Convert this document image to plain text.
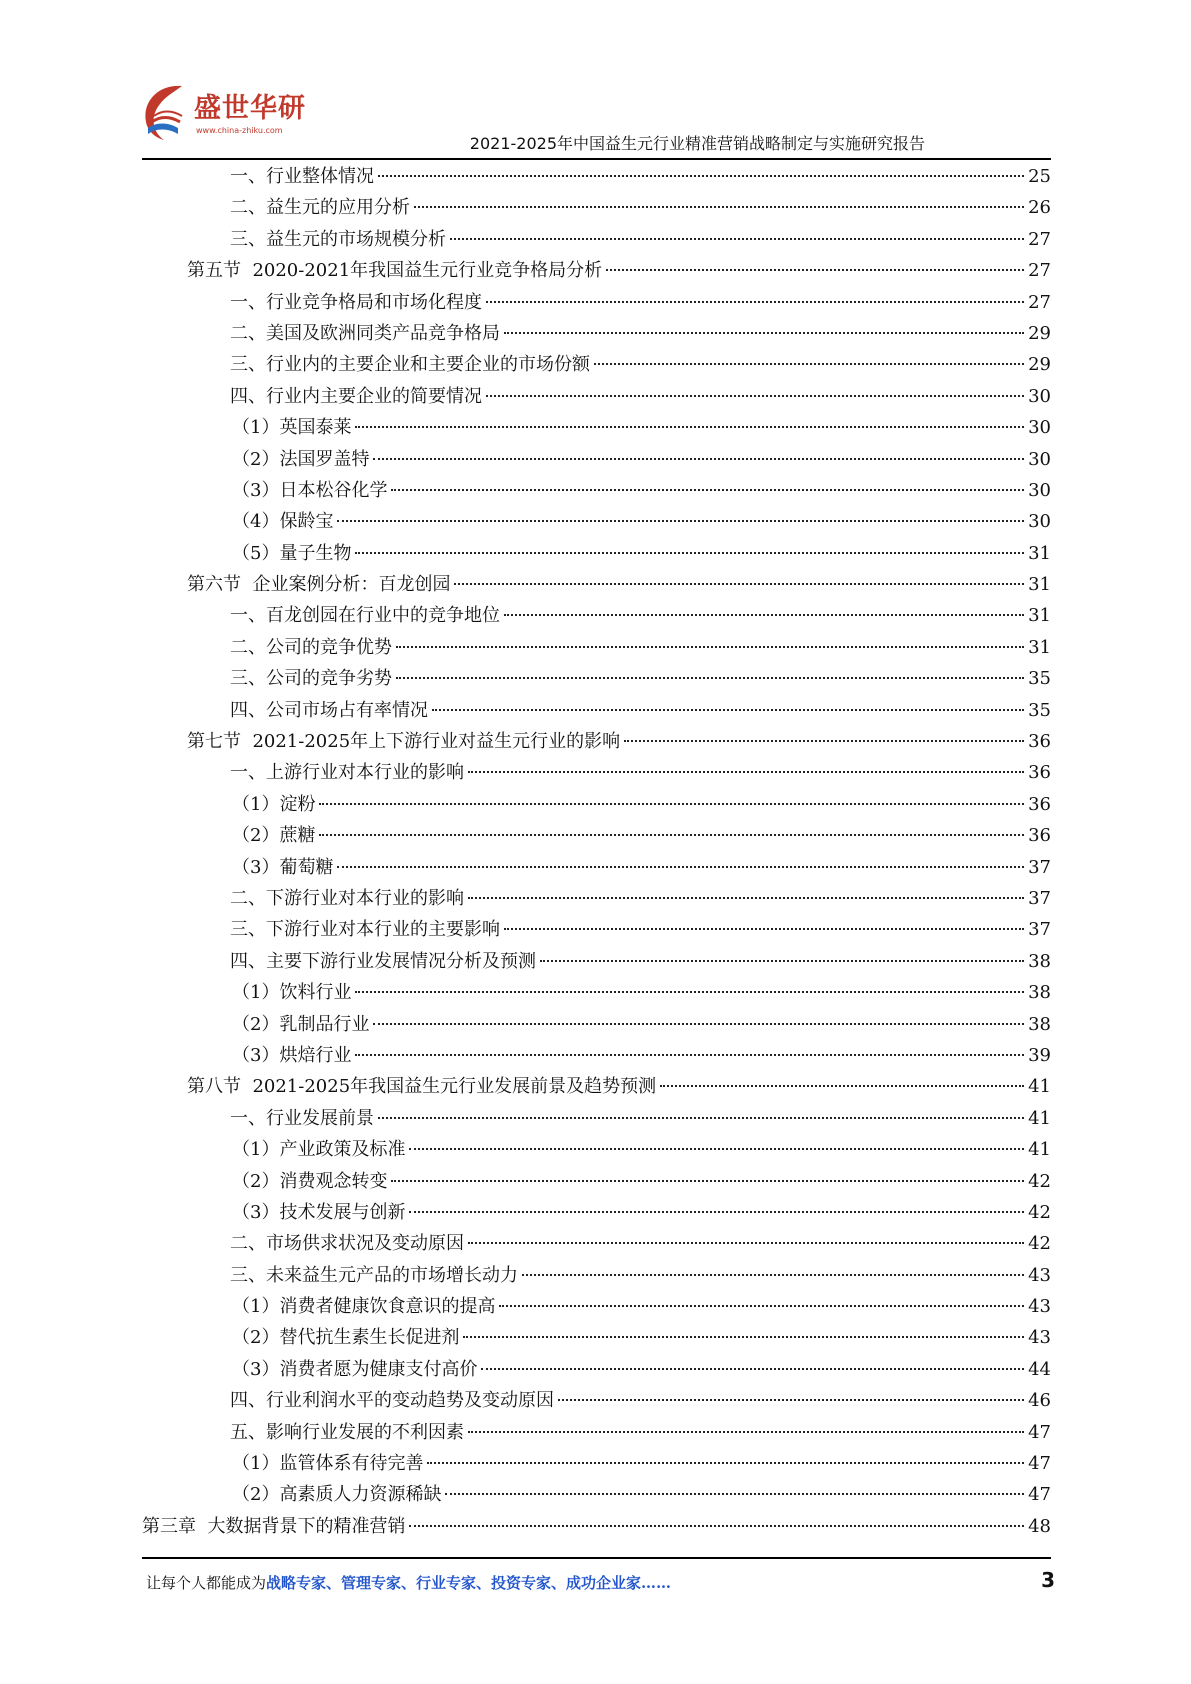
盛世华研
www.china-zhiku.com
2021-2025年中国益生元行业精准营销战略制定与实施研究报告
一、行业整体情况	25
二、益生元的应用分析	26
三、益生元的市场规模分析	27
第五节  2020-2021年我国益生元行业竞争格局分析	27
一、行业竞争格局和市场化程度	27
二、美国及欧洲同类产品竞争格局	29
三、行业内的主要企业和主要企业的市场份额	29
四、行业内主要企业的简要情况	30
（1）英国泰莱	30
（2）法国罗盖特	30
（3）日本松谷化学	30
（4）保龄宝	30
（5）量子生物	31
第六节  企业案例分析：百龙创园	31
一、百龙创园在行业中的竞争地位	31
二、公司的竞争优势	31
三、公司的竞争劣势	35
四、公司市场占有率情况	35
第七节  2021-2025年上下游行业对益生元行业的影响	36
一、上游行业对本行业的影响	36
（1）淀粉	36
（2）蔗糖	36
（3）葡萄糖	37
二、下游行业对本行业的影响	37
三、下游行业对本行业的主要影响	37
四、主要下游行业发展情况分析及预测	38
（1）饮料行业	38
（2）乳制品行业	38
（3）烘焙行业	39
第八节  2021-2025年我国益生元行业发展前景及趋势预测	41
一、行业发展前景	41
（1）产业政策及标准	41
（2）消费观念转变	42
（3）技术发展与创新	42
二、市场供求状况及变动原因	42
三、未来益生元产品的市场增长动力	43
（1）消费者健康饮食意识的提高	43
（2）替代抗生素生长促进剂	43
（3）消费者愿为健康支付高价	44
四、行业利润水平的变动趋势及变动原因	46
五、影响行业发展的不利因素	47
（1）监管体系有待完善	47
（2）高素质人力资源稀缺	47
第三章  大数据背景下的精准营销	48
让每个人都能成为战略专家、管理专家、行业专家、投资专家、成功企业家……	3
